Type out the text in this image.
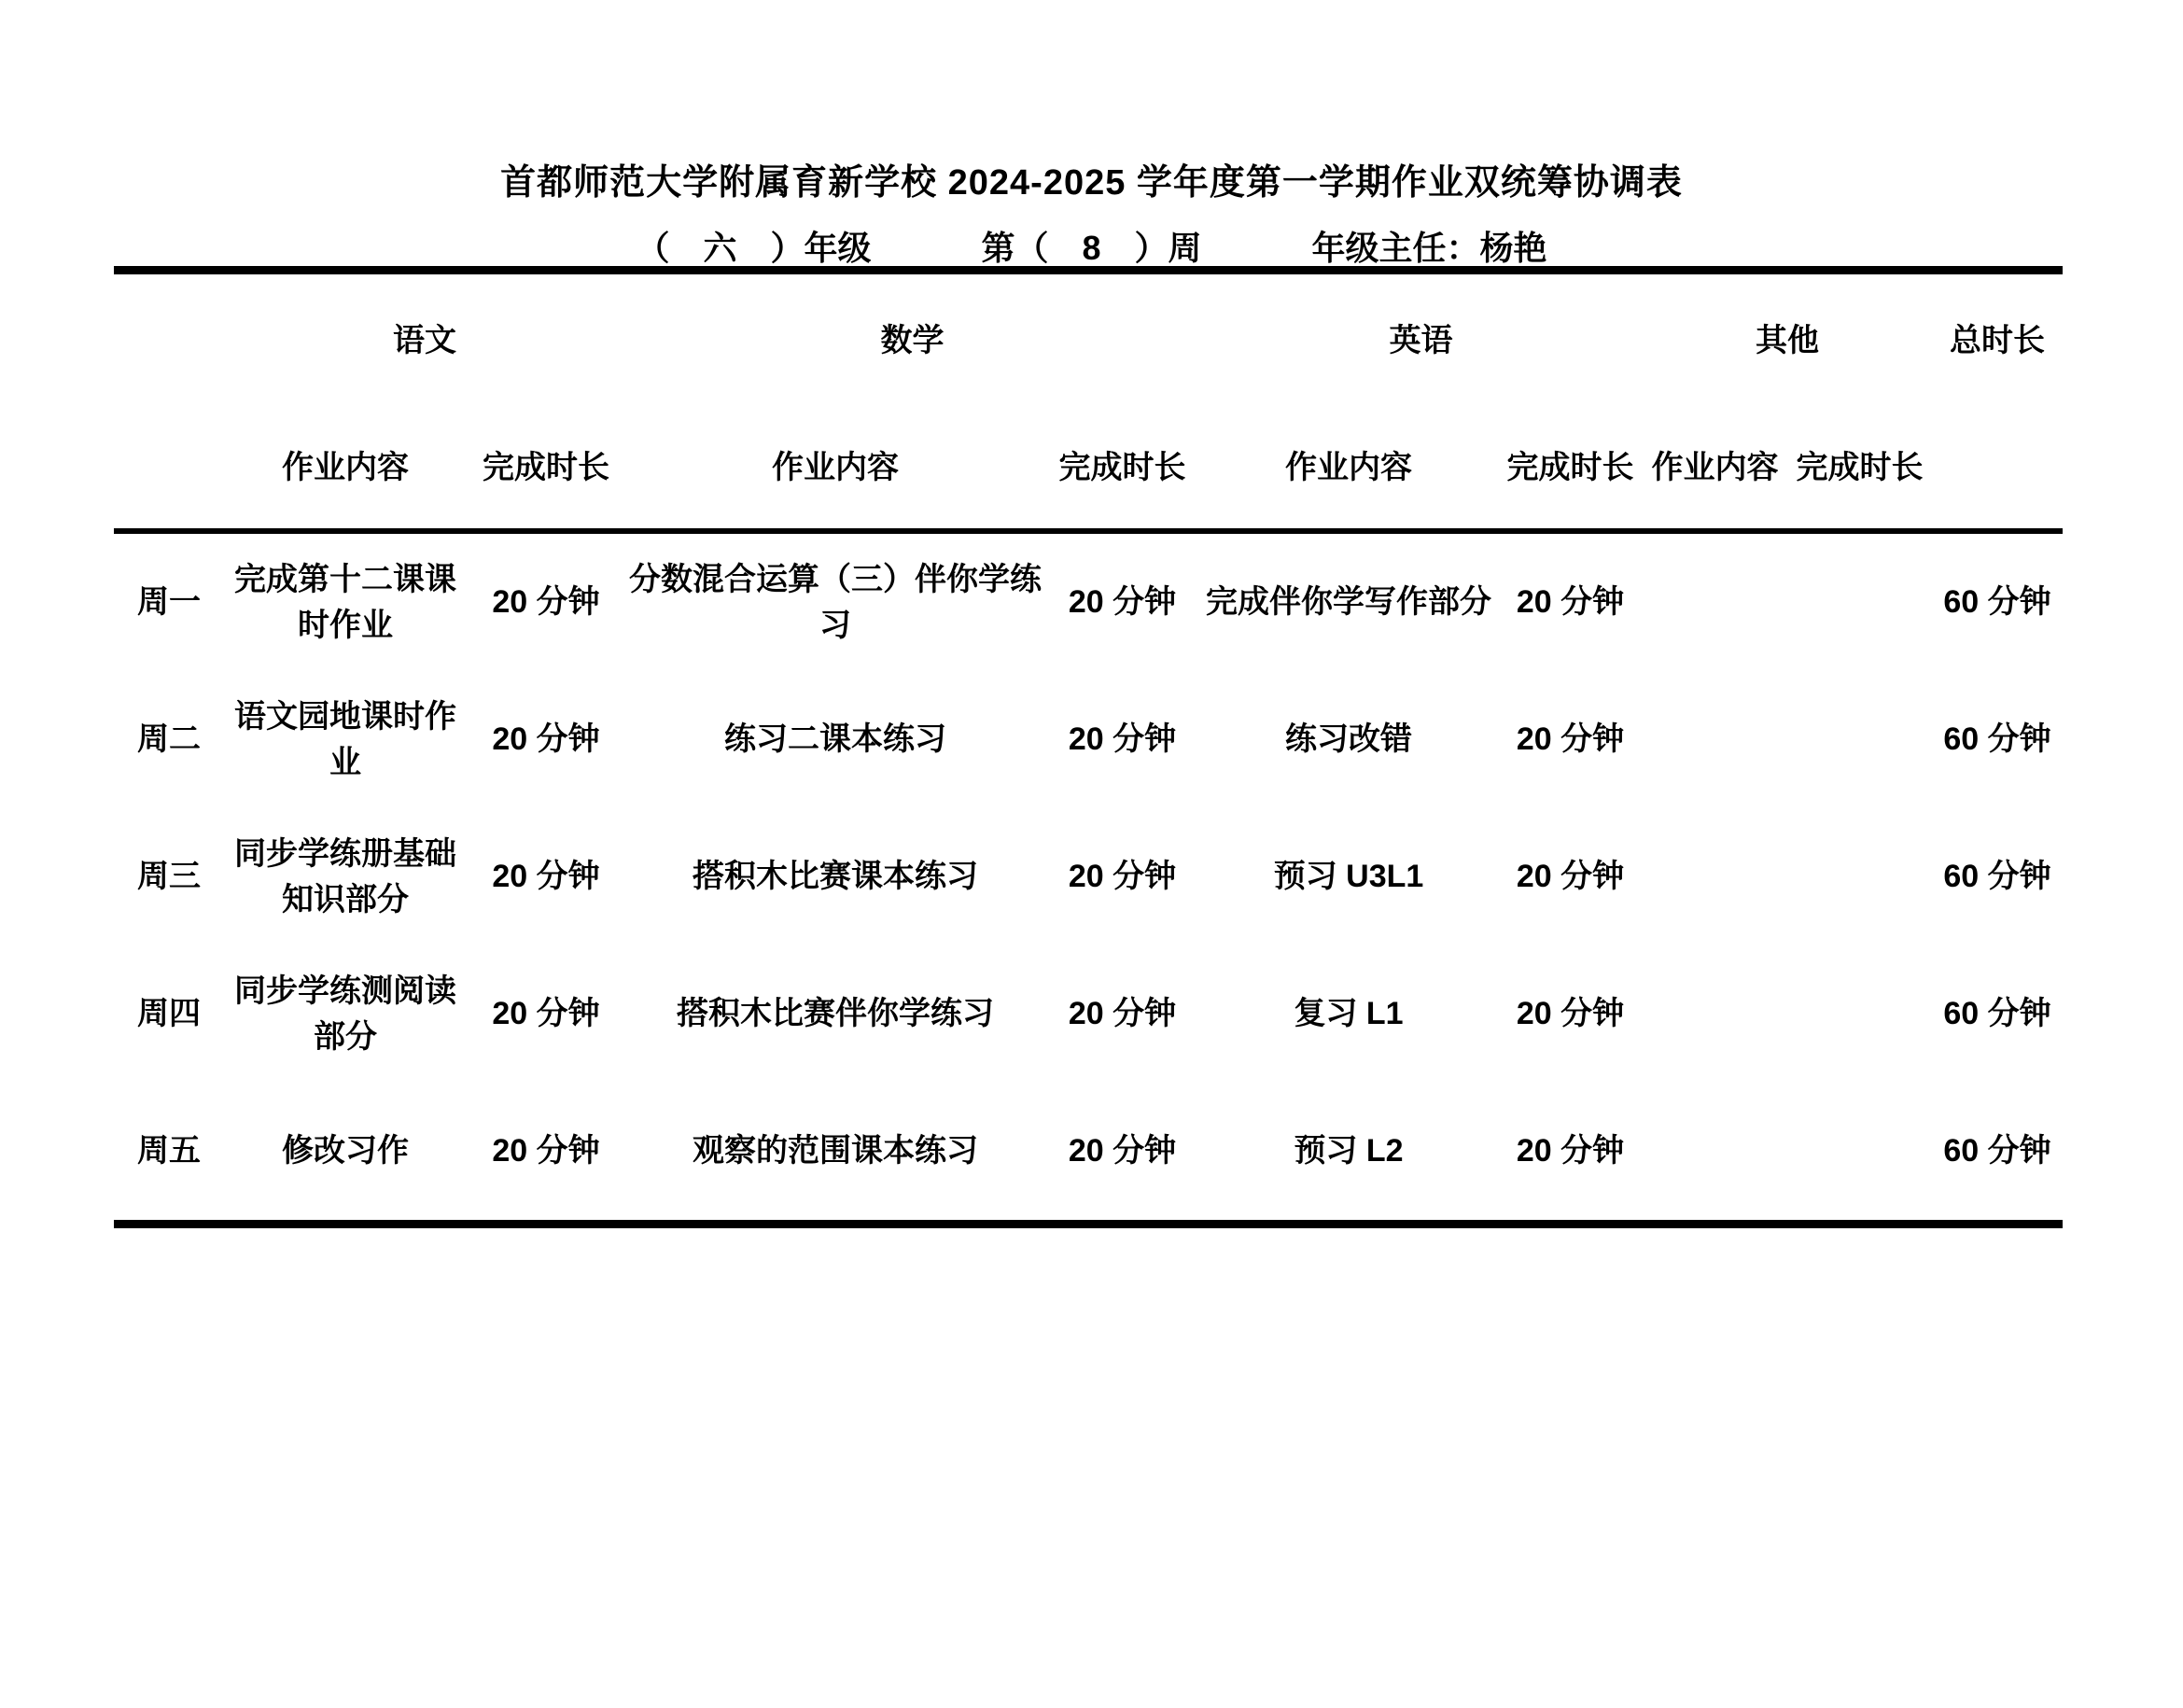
首都师范大学附属育新学校 2024-2025 学年度第一学期作业双统筹协调表
（　六　）年级	第（　8　）周	年级主任：杨艳
	语文		数学		英语		其他		总时长
	作业内容	完成时长	作业内容	完成时长	作业内容	完成时长	作业内容	完成时长	
周一	完成第十二课课时作业	20 分钟	分数混合运算（三）伴你学练习	20 分钟	完成伴你学写作部分	20 分钟			60 分钟
周二	语文园地课时作业	20 分钟	练习二课本练习	20 分钟	练习改错	20 分钟			60 分钟
周三	同步学练册基础知识部分	20 分钟	搭积木比赛课本练习	20 分钟	预习 U3L1	20 分钟			60 分钟
周四	同步学练测阅读部分	20 分钟	搭积木比赛伴你学练习	20 分钟	复习 L1	20 分钟			60 分钟
周五	修改习作	20 分钟	观察的范围课本练习	20 分钟	预习 L2	20 分钟			60 分钟
